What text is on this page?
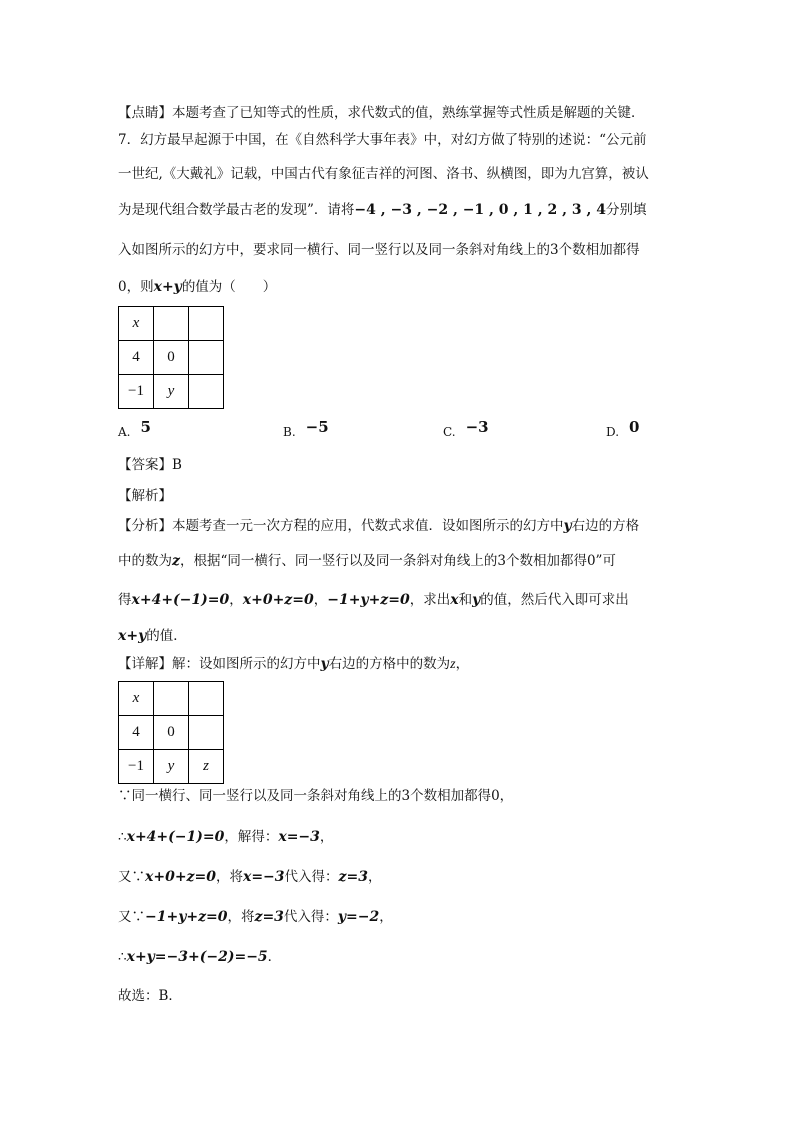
【点睛】本题考查了已知等式的性质，求代数式的值，熟练掌握等式性质是解题的关键．
7．幻方最早起源于中国，在《自然科学大事年表》中，对幻方做了特别的述说：“公元前
一世纪,《大戴礼》记载，中国古代有象征吉祥的河图、洛书、纵横图，即为九宫算，被认
为是现代组合数学最古老的发现”．请将−4 , −3 , −2 , −1 , 0 , 1 , 2 , 3 , 4分别填
入如图所示的幻方中，要求同一横行、同一竖行以及同一条斜对角线上的3个数相加都得
0，则x+y的值为（　　）
x		
4	0	
−1	y	
A. 5	B. −5	C. −3	D. 0
【答案】B
【解析】
【分析】本题考查一元一次方程的应用，代数式求值．设如图所示的幻方中y右边的方格
中的数为z，根据“同一横行、同一竖行以及同一条斜对角线上的3个数相加都得0”可
得x+4+(−1)=0，x+0+z=0，−1+y+z=0，求出x和y的值，然后代入即可求出
x+y的值．
【详解】解：设如图所示的幻方中y右边的方格中的数为z，
x		
4	0	
−1	y	z
∵同一横行、同一竖行以及同一条斜对角线上的3个数相加都得0，
∴x+4+(−1)=0，解得：x=−3，
又∵x+0+z=0，将x=−3代入得：z=3，
又∵−1+y+z=0，将z=3代入得：y=−2，
∴x+y=−3+(−2)=−5．
故选：B．
